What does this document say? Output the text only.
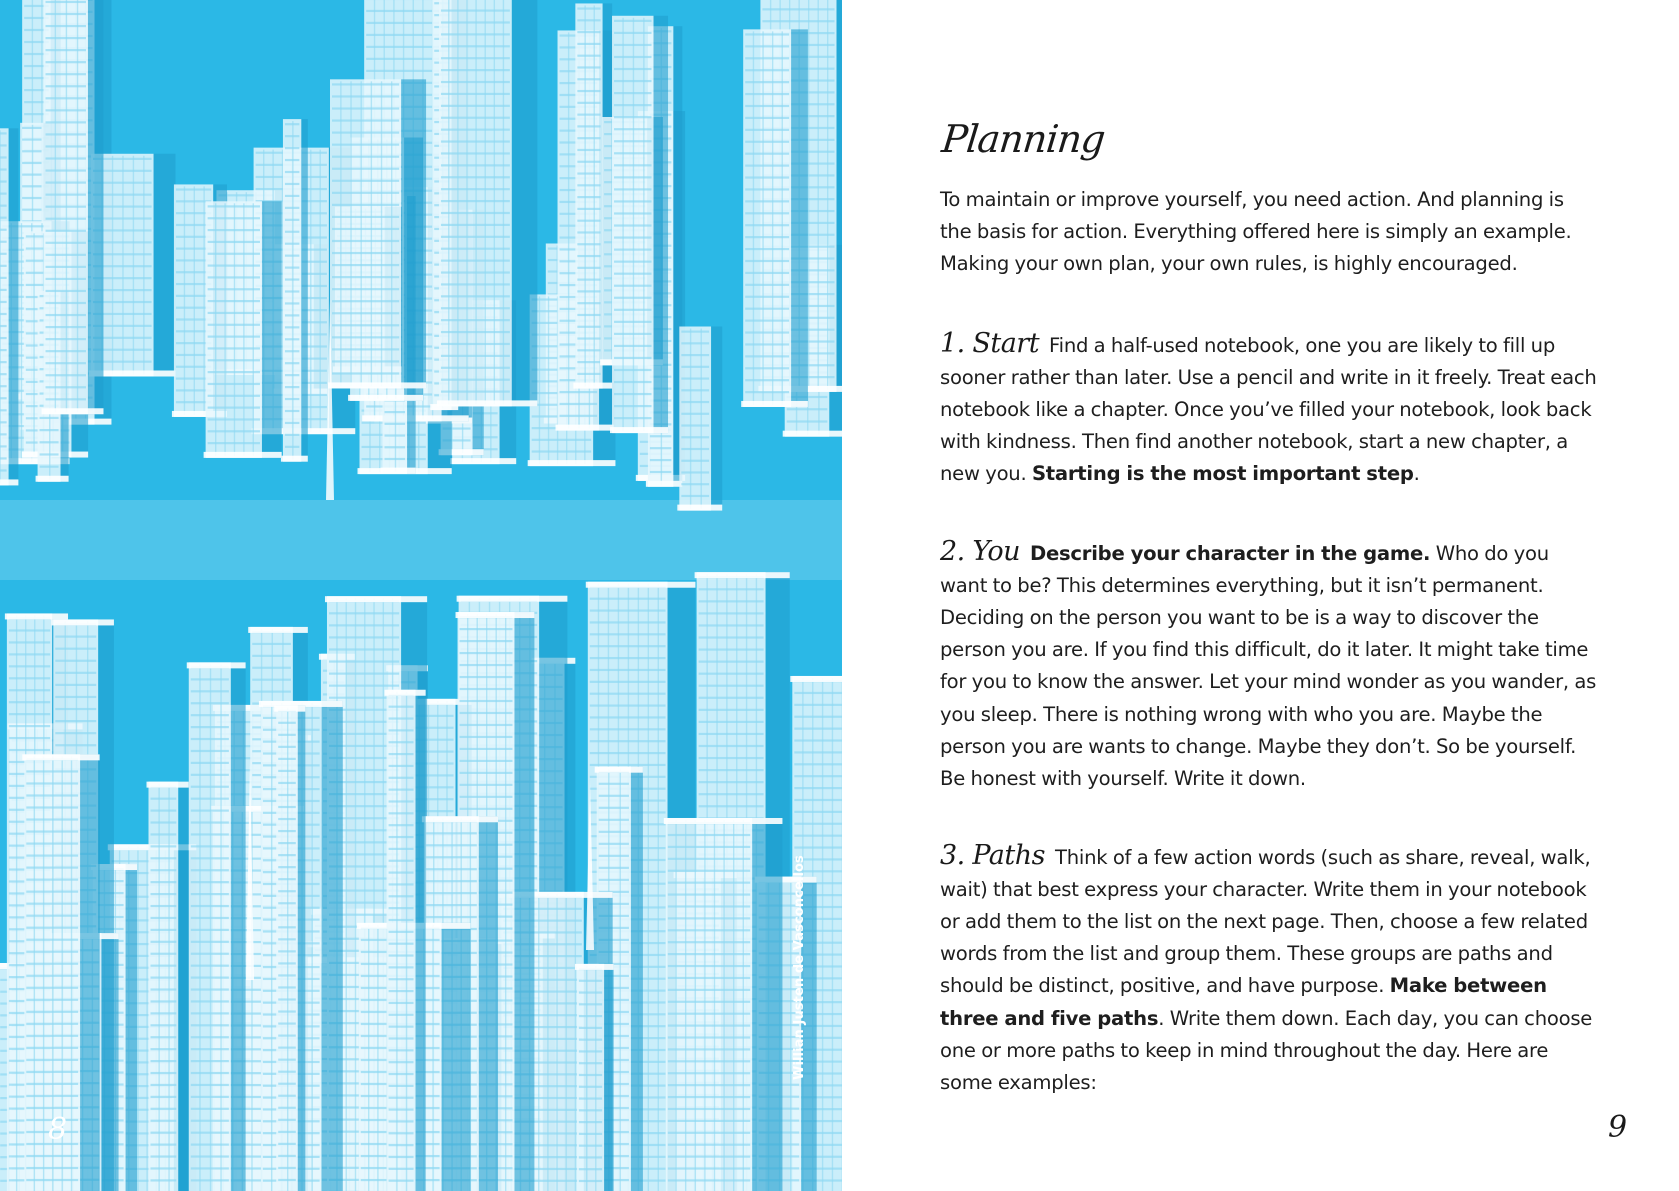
8
Willian Justen de Vasconcellos
Planning

To maintain or improve yourself, you need action. And planning is the basis for action. Everything offered here is simply an example. Making your own plan, your own rules, is highly encouraged.

1. Start Find a half-used notebook, one you are likely to fill up sooner rather than later. Use a pencil and write in it freely. Treat each notebook like a chapter. Once you’ve filled your notebook, look back with kindness. Then find another notebook, start a new chapter, a new you. Starting is the most important step.

2. You Describe your character in the game. Who do you want to be? This determines everything, but it isn’t permanent. Deciding on the person you want to be is a way to discover the person you are. If you find this difficult, do it later. It might take time for you to know the answer. Let your mind wonder as you wander, as you sleep. There is nothing wrong with who you are. Maybe the person you are wants to change. Maybe they don’t. So be yourself. Be honest with yourself. Write it down.

3. Paths Think of a few action words (such as share, reveal, walk, wait) that best express your character. Write them in your notebook or add them to the list on the next page. Then, choose a few related words from the list and group them. These groups are paths and should be distinct, positive, and have purpose. Make between three and five paths. Write them down. Each day, you can choose one or more paths to keep in mind throughout the day. Here are some examples:

9
